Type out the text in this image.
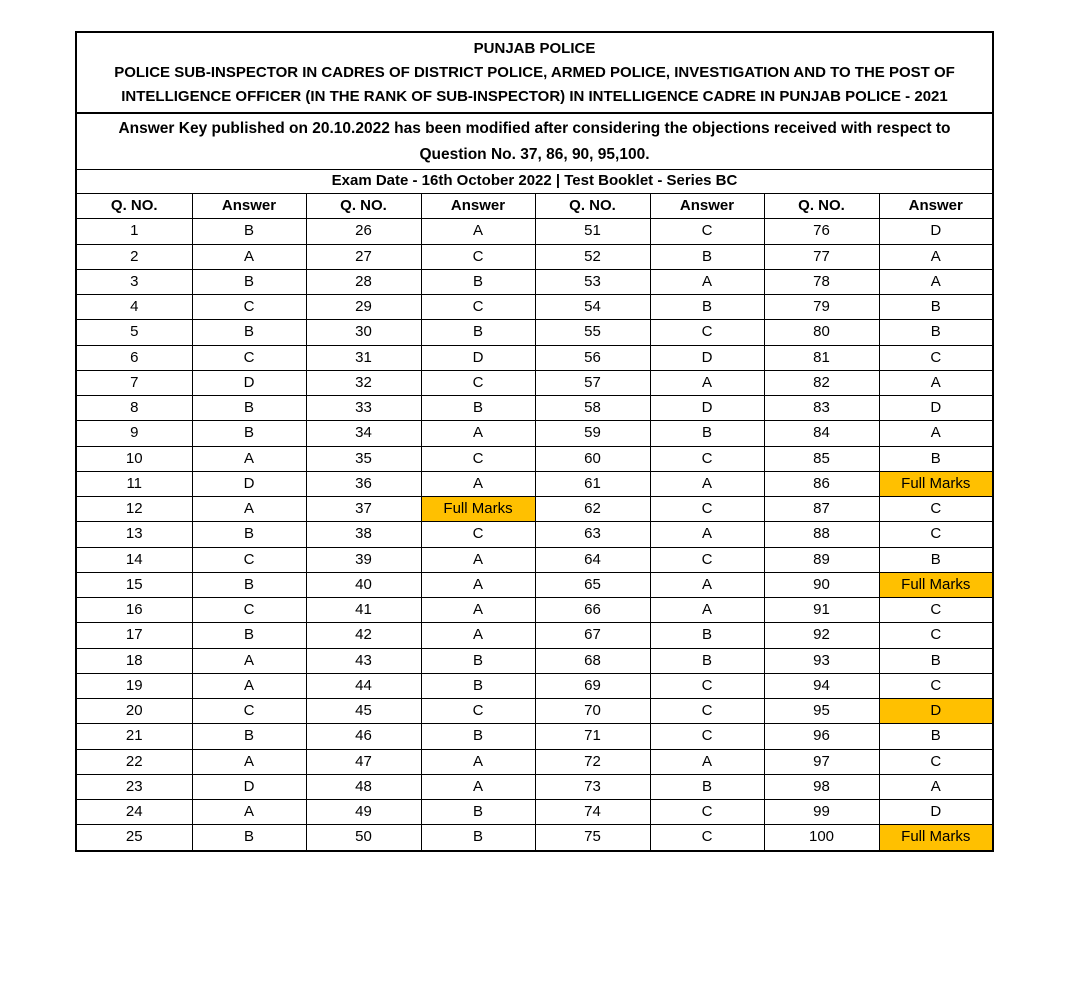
PUNJAB POLICE
POLICE SUB-INSPECTOR IN CADRES OF DISTRICT POLICE, ARMED POLICE, INVESTIGATION AND TO THE POST OF
INTELLIGENCE OFFICER (IN THE RANK OF SUB-INSPECTOR) IN INTELLIGENCE CADRE IN PUNJAB POLICE - 2021
Answer Key published on 20.10.2022 has been modified after considering the objections received with respect to
Question No. 37, 86, 90, 95,100.
Exam Date - 16th October 2022 | Test Booklet - Series BC
Q. NO.	Answer	Q. NO.	Answer	Q. NO.	Answer	Q. NO.	Answer
1	B	26	A	51	C	76	D
2	A	27	C	52	B	77	A
3	B	28	B	53	A	78	A
4	C	29	C	54	B	79	B
5	B	30	B	55	C	80	B
6	C	31	D	56	D	81	C
7	D	32	C	57	A	82	A
8	B	33	B	58	D	83	D
9	B	34	A	59	B	84	A
10	A	35	C	60	C	85	B
11	D	36	A	61	A	86	Full Marks
12	A	37	Full Marks	62	C	87	C
13	B	38	C	63	A	88	C
14	C	39	A	64	C	89	B
15	B	40	A	65	A	90	Full Marks
16	C	41	A	66	A	91	C
17	B	42	A	67	B	92	C
18	A	43	B	68	B	93	B
19	A	44	B	69	C	94	C
20	C	45	C	70	C	95	D
21	B	46	B	71	C	96	B
22	A	47	A	72	A	97	C
23	D	48	A	73	B	98	A
24	A	49	B	74	C	99	D
25	B	50	B	75	C	100	Full Marks
